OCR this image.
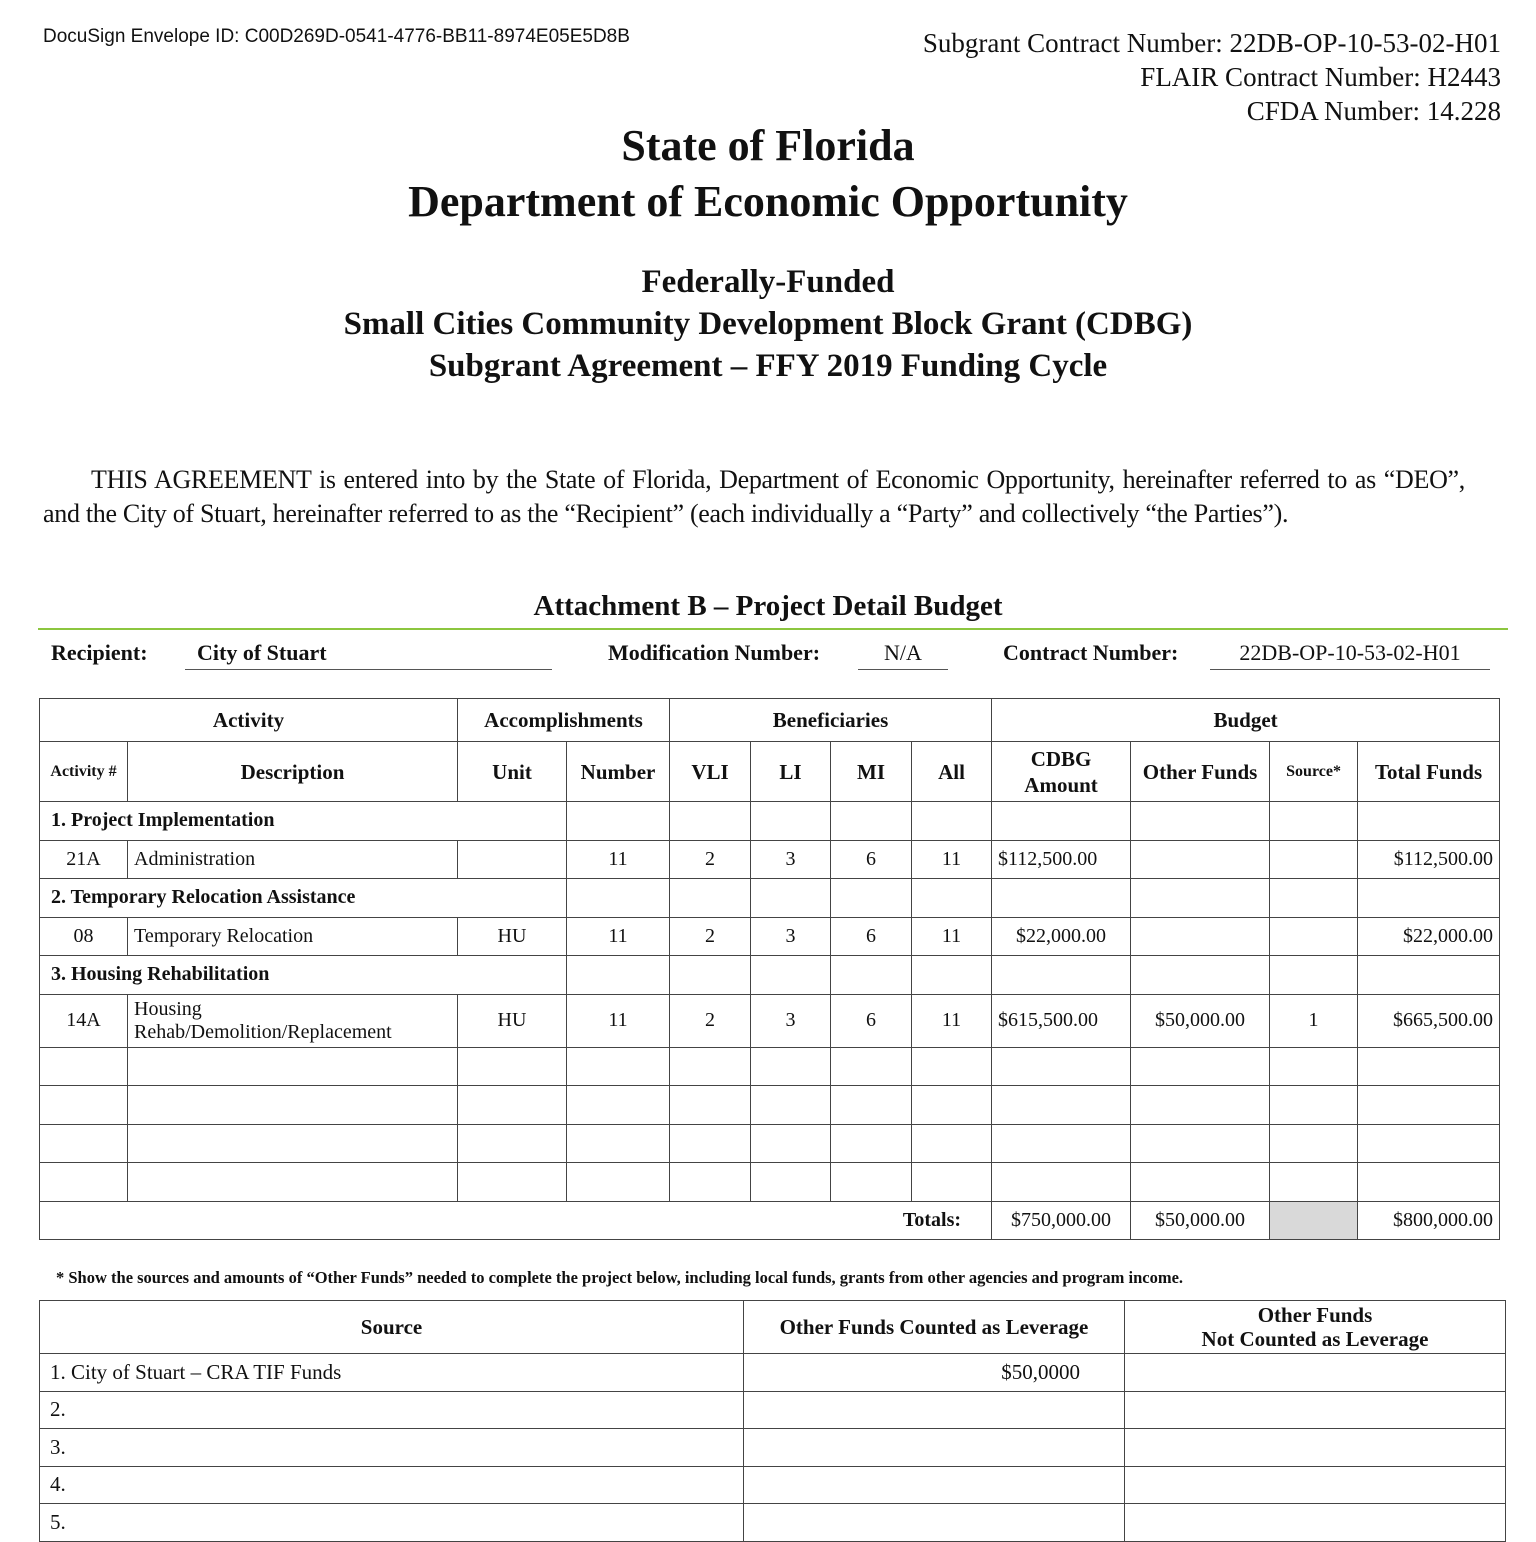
DocuSign Envelope ID: C00D269D-0541-4776-BB11-8974E05E5D8B	Subgrant Contract Number: 22DB-OP-10-53-02-H01
FLAIR Contract Number: H2443
CFDA Number: 14.228
State of Florida
Department of Economic Opportunity
Federally-Funded
Small Cities Community Development Block Grant (CDBG)
Subgrant Agreement – FFY 2019 Funding Cycle
THIS AGREEMENT is entered into by the State of Florida, Department of Economic Opportunity, hereinafter referred to as “DEO”, and the City of Stuart, hereinafter referred to as the “Recipient” (each individually a “Party” and collectively “the Parties”).
Attachment B – Project Detail Budget
Recipient:	City of Stuart	Modification Number:	N/A	Contract Number:	22DB-OP-10-53-02-H01
Activity		Accomplishments		Beneficiaries				Budget			
Activity #	Description	Unit	Number	VLI	LI	MI	All	CDBG Amount	Other Funds	Source*	Total Funds
1. Project Implementation											
21A	Administration		11	2	3	6	11	$112,500.00			$112,500.00
2. Temporary Relocation Assistance											
08	Temporary Relocation	HU	11	2	3	6	11	$22,000.00			$22,000.00
3. Housing Rehabilitation											
14A	Housing
Rehab/Demolition/Replacement	HU	11	2	3	6	11	$615,500.00	$50,000.00	1	$665,500.00

Totals:								$750,000.00	$50,000.00		$800,000.00
* Show the sources and amounts of “Other Funds” needed to complete the project below, including local funds, grants from other agencies and program income.
Source	Other Funds Counted as Leverage	Other Funds
Not Counted as Leverage

1. City of Stuart – CRA TIF Funds	$50,0000	
2.		
3.		
4.		
5.		
